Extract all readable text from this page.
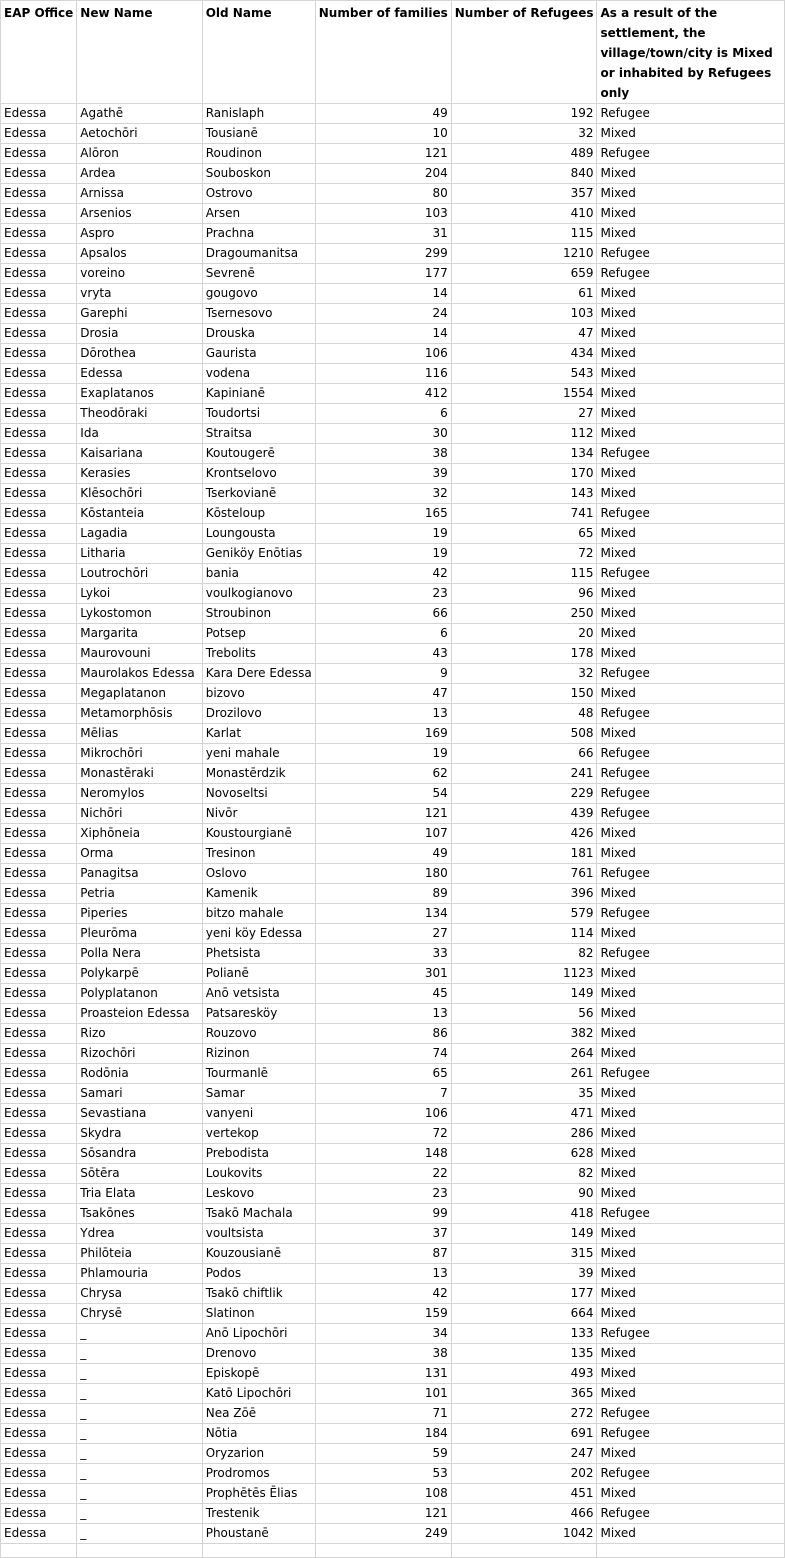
EAP Office	New Name	Old Name	Number of families	Number of Refugees	As a result of the settlement, the village/town/city is Mixed or inhabited by Refugees only
Edessa	Agathē	Ranislaph	49	192	Refugee
Edessa	Aetochōri	Tousianē	10	32	Mixed
Edessa	Alōron	Roudinon	121	489	Refugee
Edessa	Ardea	Souboskon	204	840	Mixed
Edessa	Arnissa	Ostrovo	80	357	Mixed
Edessa	Arsenios	Arsen	103	410	Mixed
Edessa	Aspro	Prachna	31	115	Mixed
Edessa	Apsalos	Dragoumanitsa	299	1210	Refugee
Edessa	voreino	Sevrenē	177	659	Refugee
Edessa	vryta	gougovo	14	61	Mixed
Edessa	Garephi	Tsernesovo	24	103	Mixed
Edessa	Drosia	Drouska	14	47	Mixed
Edessa	Dōrothea	Gaurista	106	434	Mixed
Edessa	Edessa	vodena	116	543	Mixed
Edessa	Exaplatanos	Kapinianē	412	1554	Mixed
Edessa	Theodōraki	Toudortsi	6	27	Mixed
Edessa	Ida	Straitsa	30	112	Mixed
Edessa	Kaisariana	Koutougerē	38	134	Refugee
Edessa	Kerasies	Krontselovo	39	170	Mixed
Edessa	Klēsochōri	Tserkovianē	32	143	Mixed
Edessa	Kōstanteia	Kōsteloup	165	741	Refugee
Edessa	Lagadia	Loungousta	19	65	Mixed
Edessa	Litharia	Geniköy Enōtias	19	72	Mixed
Edessa	Loutrochōri	bania	42	115	Refugee
Edessa	Lykoi	voulkogianovo	23	96	Mixed
Edessa	Lykostomon	Stroubinon	66	250	Mixed
Edessa	Margarita	Potsep	6	20	Mixed
Edessa	Maurovouni	Trebolits	43	178	Mixed
Edessa	Maurolakos Edessa	Kara Dere Edessa	9	32	Refugee
Edessa	Megaplatanon	bizovo	47	150	Mixed
Edessa	Metamorphōsis	Drozilovo	13	48	Refugee
Edessa	Mēlias	Karlat	169	508	Mixed
Edessa	Mikrochōri	yeni mahale	19	66	Refugee
Edessa	Monastēraki	Monastērdzik	62	241	Refugee
Edessa	Neromylos	Novoseltsi	54	229	Refugee
Edessa	Nichōri	Nivōr	121	439	Refugee
Edessa	Xiphōneia	Koustourgianē	107	426	Mixed
Edessa	Orma	Tresinon	49	181	Mixed
Edessa	Panagitsa	Oslovo	180	761	Refugee
Edessa	Petria	Kamenik	89	396	Mixed
Edessa	Piperies	bitzo mahale	134	579	Refugee
Edessa	Pleurōma	yeni köy Edessa	27	114	Mixed
Edessa	Polla Nera	Phetsista	33	82	Refugee
Edessa	Polykarpē	Polianē	301	1123	Mixed
Edessa	Polyplatanon	Anō vetsista	45	149	Mixed
Edessa	Proasteion Edessa	Patsaresköy	13	56	Mixed
Edessa	Rizo	Rouzovo	86	382	Mixed
Edessa	Rizochōri	Rizinon	74	264	Mixed
Edessa	Rodōnia	Tourmanlē	65	261	Refugee
Edessa	Samari	Samar	7	35	Mixed
Edessa	Sevastiana	vanyeni	106	471	Mixed
Edessa	Skydra	vertekop	72	286	Mixed
Edessa	Sōsandra	Prebodista	148	628	Mixed
Edessa	Sōtēra	Loukovits	22	82	Mixed
Edessa	Tria Elata	Leskovo	23	90	Mixed
Edessa	Tsakōnes	Tsakō Machala	99	418	Refugee
Edessa	Ydrea	voultsista	37	149	Mixed
Edessa	Philōteia	Kouzousianē	87	315	Mixed
Edessa	Phlamouria	Podos	13	39	Mixed
Edessa	Chrysa	Tsakō chiftlik	42	177	Mixed
Edessa	Chrysē	Slatinon	159	664	Mixed
Edessa	_	Anō Lipochōri	34	133	Refugee
Edessa	_	Drenovo	38	135	Mixed
Edessa	_	Episkopē	131	493	Mixed
Edessa	_	Katō Lipochōri	101	365	Mixed
Edessa	_	Nea Zōē	71	272	Refugee
Edessa	_	Nōtia	184	691	Refugee
Edessa	_	Oryzarion	59	247	Mixed
Edessa	_	Prodromos	53	202	Refugee
Edessa	_	Prophētēs Ēlias	108	451	Mixed
Edessa	_	Trestenik	121	466	Refugee
Edessa	_	Phoustanē	249	1042	Mixed
